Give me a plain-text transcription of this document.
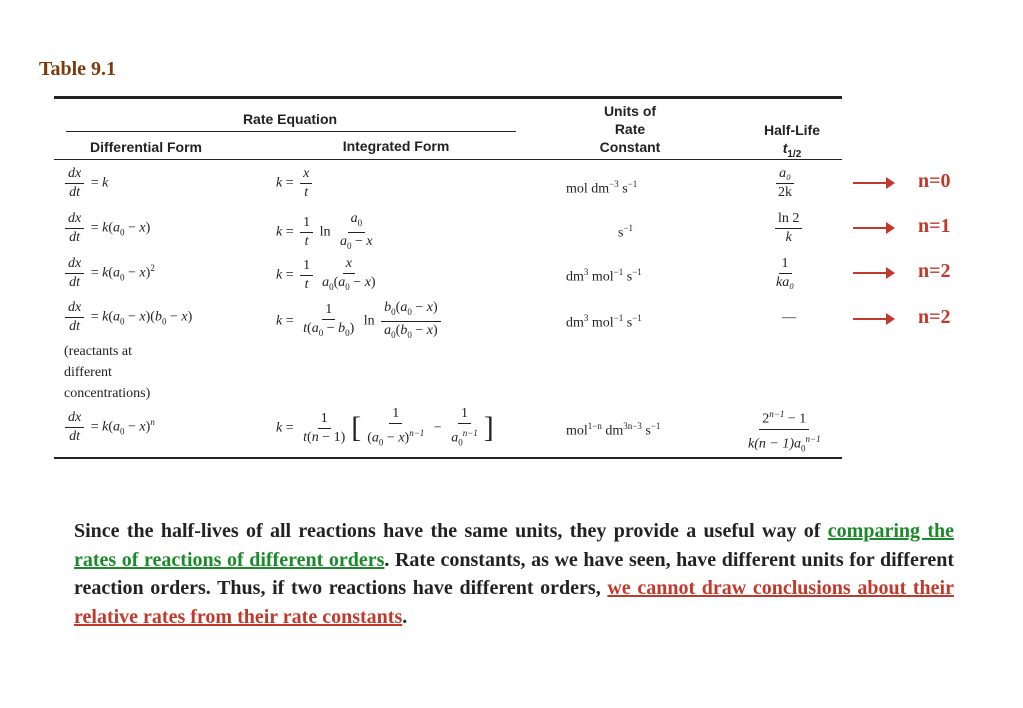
Table 9.1
Rate Equation
Differential Form	Integrated Form
Units of
Rate
Constant
Half-Life
$t_{1/2}$
$\frac{dx}{dt} = k$	$k = \frac{x}{t}$	mol $dm^{-3}$ $s^{-1}$	$\frac{\text{a₀}}{2k}$
$\frac{dx}{dt} = k(a_0 - x)$	$k = \frac{1}{t}$ $\ln \frac{a_0}{a_0 - x}$	$s^{-1}$	$\frac{\ln 2}{k}$
$\frac{dx}{dt} = k(a_0 - x)^2$	$k = \frac{1}{t} \frac{x}{a_0(a_0 - x)}$	$dm^3$ mol$^{-1}$ $s^{-1}$	$\frac{1}{\text{ka₀}}$
$\frac{dx}{dt} = k(a_0 - x)(b_0 - x)$	$k = \frac{1}{t(a_0 - b_0)}$ $\ln \frac{b_0(a_0 - x)}{a_0(b_0 - x)}$	$dm^3$ mol$^{-1}$ $s^{-1}$	—
(reactants at
different
concentrations)
$\frac{dx}{dt} = k(a_0 - x)^n$	$k = \frac{1}{t(n - 1)}$ [ $\frac{1}{(a_0 - x)^{n-1}} - \frac{1}{a_0^{n-1}}$ ]	mol$^{1-n}$ $dm^{3n-3}$ $s^{-1}$	$\frac{2^{n-1} - 1}{k(n - 1)a_0^{n-1}}$
n=0
n=1
n=2
n=2
Since the half-lives of all reactions have the same units, they provide a useful way of comparing the rates of reactions of different orders. Rate constants, as we have seen, have different units for different reaction orders. Thus, if two reactions have different orders, we cannot draw conclusions about their relative rates from their rate constants.
